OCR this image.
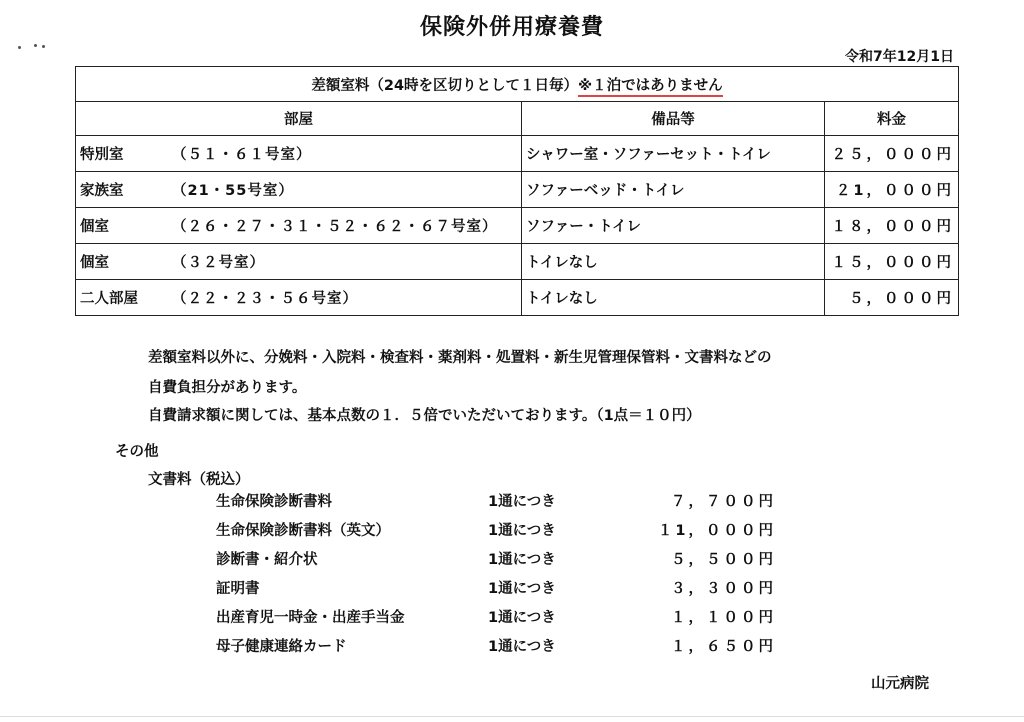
保険外併用療養費
令和7年12月1日
差額室料（24時を区切りとして１日毎）※１泊ではありません		
部屋	備品等	料金
特別室 （５１・６１号室）	シャワー室・ソファーセット・トイレ	２５，０００円
家族室 （21・55号室）	ソファーベッド・トイレ	２1，０００円
個室 （２６・２７・３１・５２・６２・６７号室）	ソファー・トイレ	１８，０００円
個室 （３２号室）	トイレなし	１５，０００円
二人部屋 （２２・２３・５６号室）	トイレなし	５，０００円
差額室料以外に、分娩料・入院料・検査料・薬剤料・処置料・新生児管理保管料・文書料などの
自費負担分があります。
自費請求額に関しては、基本点数の１．５倍でいただいております。（1点＝１０円）
その他
文書料（税込）
生命保険診断書料	1通につき	７，７００円
生命保険診断書料（英文）	1通につき	１1，０００円
診断書・紹介状	1通につき	５，５００円
証明書	1通につき	３，３００円
出産育児一時金・出産手当金	1通につき	１，１００円
母子健康連絡カード	1通につき	１，６５０円
山元病院
